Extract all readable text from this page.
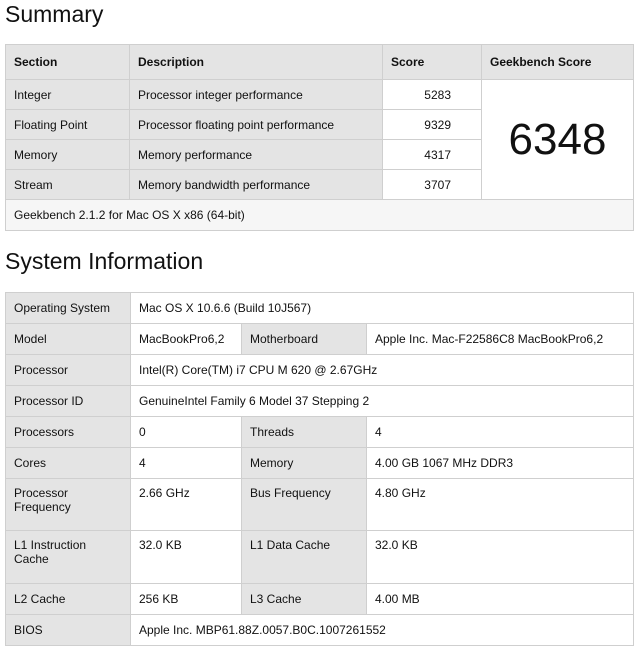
Summary
Section	Description	Score	Geekbench Score
Integer	Processor integer performance	5283	6348
Floating Point	Processor floating point performance	9329	
Memory	Memory performance	4317	
Stream	Memory bandwidth performance	3707	
Geekbench 2.1.2 for Mac OS X x86 (64-bit)			
System Information
Operating System	Mac OS X 10.6.6 (Build 10J567)		
Model	MacBookPro6,2	Motherboard	Apple Inc. Mac-F22586C8 MacBookPro6,2
Processor	Intel(R) Core(TM) i7 CPU M 620 @ 2.67GHz		
Processor ID	GenuineIntel Family 6 Model 37 Stepping 2		
Processors	0	Threads	4
Cores	4	Memory	4.00 GB 1067 MHz DDR3
Processor Frequency	2.66 GHz	Bus Frequency	4.80 GHz
L1 Instruction Cache	32.0 KB	L1 Data Cache	32.0 KB
L2 Cache	256 KB	L3 Cache	4.00 MB
BIOS	Apple Inc. MBP61.88Z.0057.B0C.1007261552		
